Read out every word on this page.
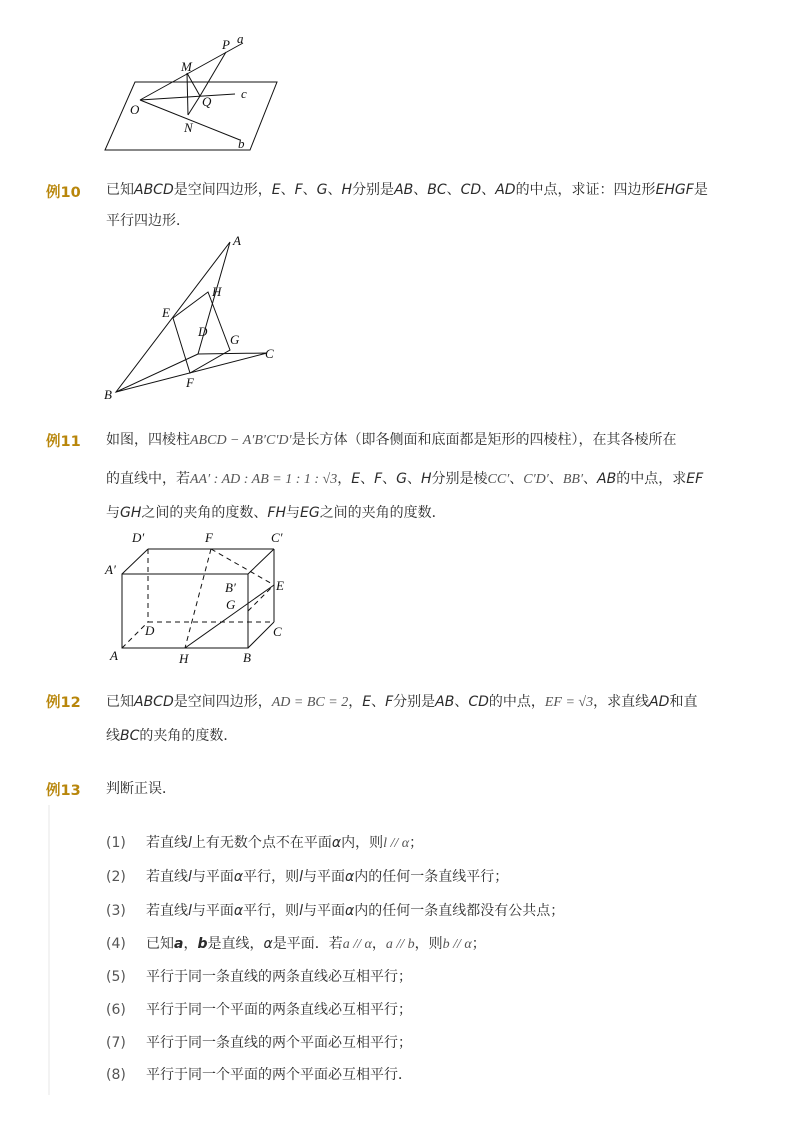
P a
M
O
Q
c
N
b
例10 已知ABCD是空间四边形，E、F、G、H分别是AB、BC、CD、AD的中点，求证：四边形EHGF是
平行四边形．
A
H
E
D
G
C
F
B
例11 如图，四棱柱ABCD − A′B′C′D′是长方体（即各侧面和底面都是矩形的四棱柱），在其各棱所在
的直线中，若AA′ : AD : AB = 1 : 1 : √3，E、F、G、H分别是棱CC′、C′D′、BB′、AB的中点，求EF
与GH之间的夹角的度数、FH与EG之间的夹角的度数．
D′	F	C′
A′
B′	E
G
D	C
A	H	B
例12 已知ABCD是空间四边形，AD = BC = 2，E、F分别是AB、CD的中点，EF = √3，求直线AD和直
线BC的夹角的度数．
例13 判断正误．
(1) 若直线l上有无数个点不在平面α内，则l // α；
(2) 若直线l与平面α平行，则l与平面α内的任何一条直线平行；
(3) 若直线l与平面α平行，则l与平面α内的任何一条直线都没有公共点；
(4) 已知a，b是直线，α是平面．若a // α，a // b，则b // α；
(5) 平行于同一条直线的两条直线必互相平行；
(6) 平行于同一个平面的两条直线必互相平行；
(7) 平行于同一条直线的两个平面必互相平行；
(8) 平行于同一个平面的两个平面必互相平行．
